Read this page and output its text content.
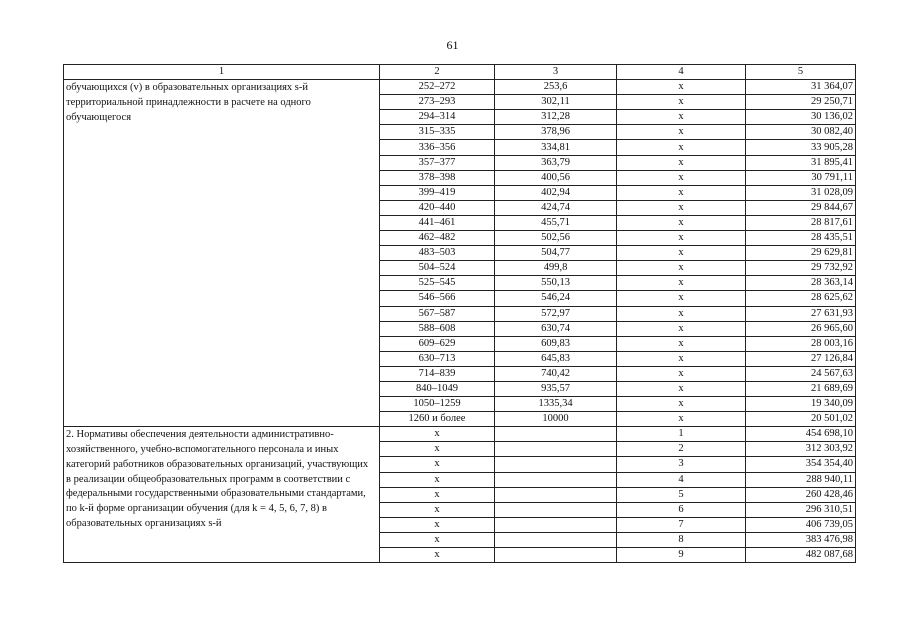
61
1	2	3	4	5
обучающихся (v) в образовательных организациях s-й территориальной принадлежности в расчете на одного обучающегося	252–272	253,6	х	31 364,07
	273–293	302,11	х	29 250,71
	294–314	312,28	х	30 136,02
	315–335	378,96	х	30 082,40
	336–356	334,81	х	33 905,28
	357–377	363,79	х	31 895,41
	378–398	400,56	х	30 791,11
	399–419	402,94	х	31 028,09
	420–440	424,74	х	29 844,67
	441–461	455,71	х	28 817,61
	462–482	502,56	х	28 435,51
	483–503	504,77	х	29 629,81
	504–524	499,8	х	29 732,92
	525–545	550,13	х	28 363,14
	546–566	546,24	х	28 625,62
	567–587	572,97	х	27 631,93
	588–608	630,74	х	26 965,60
	609–629	609,83	х	28 003,16
	630–713	645,83	х	27 126,84
	714–839	740,42	х	24 567,63
	840–1049	935,57	х	21 689,69
	1050–1259	1335,34	х	19 340,09
	1260 и более	10000	х	20 501,02
2. Нормативы обеспечения деятельности административно-хозяйственного, учебно-вспомогательного персонала и иных категорий работников образовательных организаций, участвующих в реализации общеобразовательных программ в соответствии с федеральными государственными образовательными стандартами, по k-й форме организации обучения (для k = 4, 5, 6, 7, 8) в образовательных организациях s-й	х		1	454 698,10
	х		2	312 303,92
	х		3	354 354,40
	х		4	288 940,11
	х		5	260 428,46
	х		6	296 310,51
	х		7	406 739,05
	х		8	383 476,98
	х		9	482 087,68
